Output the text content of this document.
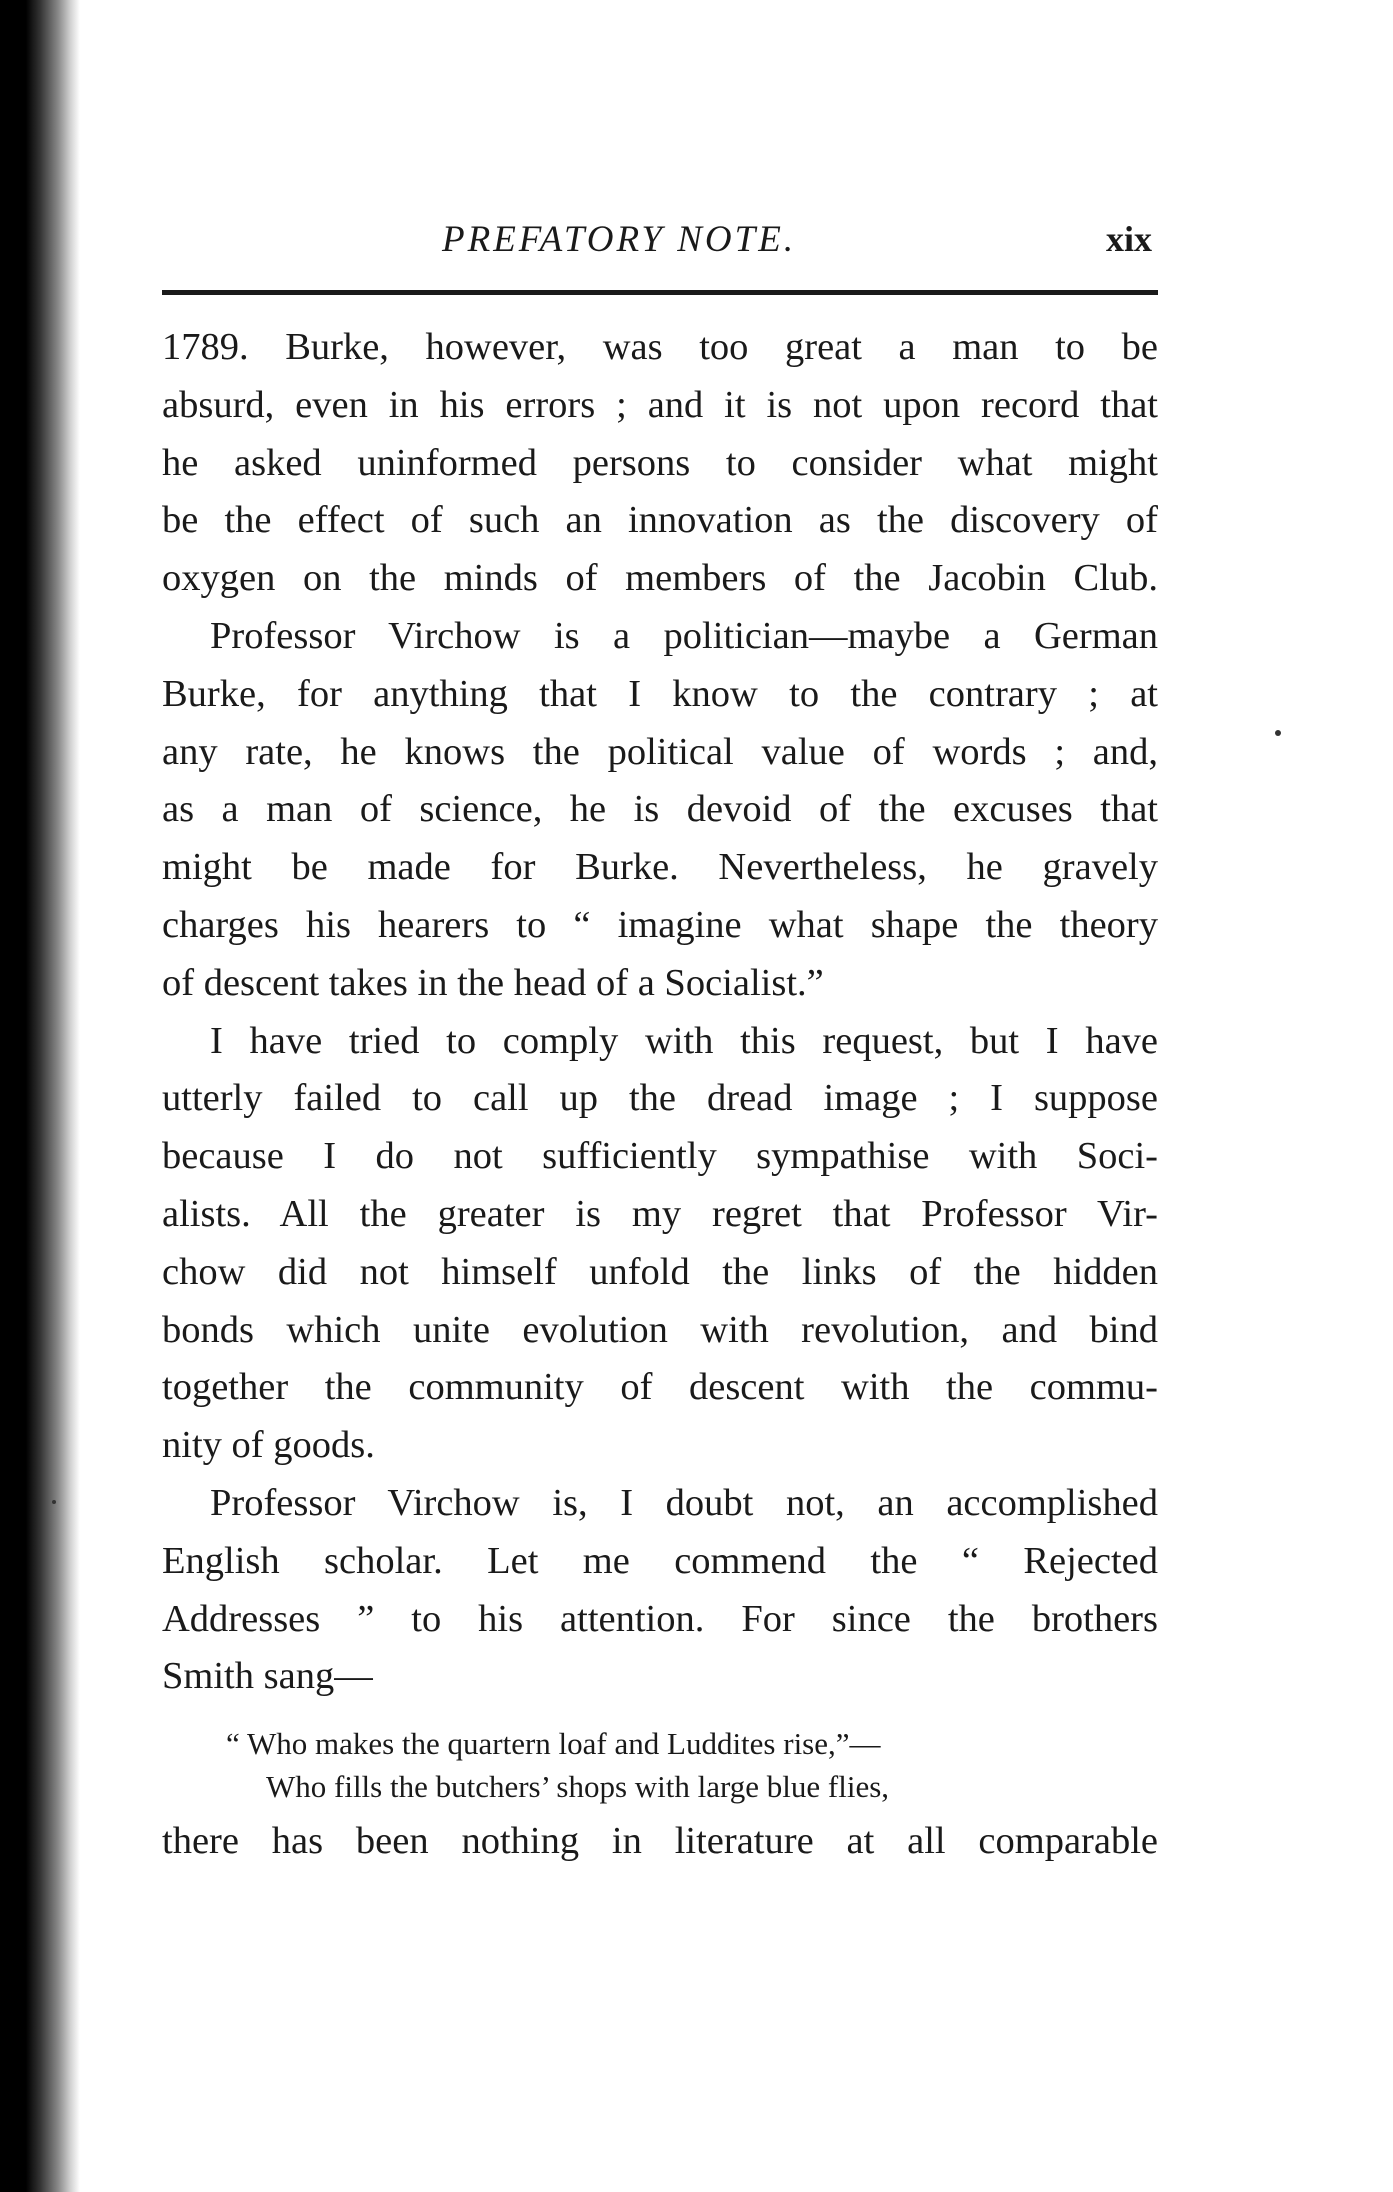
PREFATORY NOTE.	xix

1789. Burke, however, was too great a man to be
absurd, even in his errors ; and it is not upon record that
he asked uninformed persons to consider what might
be the effect of such an innovation as the discovery of
oxygen on the minds of members of the Jacobin Club.

Professor Virchow is a politician—maybe a German
Burke, for anything that I know to the contrary ; at
any rate, he knows the political value of words ; and,
as a man of science, he is devoid of the excuses that
might be made for Burke. Nevertheless, he gravely
charges his hearers to “ imagine what shape the theory
of descent takes in the head of a Socialist.”

I have tried to comply with this request, but I have
utterly failed to call up the dread image ; I suppose
because I do not sufficiently sympathise with Soci-
alists. All the greater is my regret that Professor Vir-
chow did not himself unfold the links of the hidden
bonds which unite evolution with revolution, and bind
together the community of descent with the commu-
nity of goods.

Professor Virchow is, I doubt not, an accomplished
English scholar. Let me commend the “ Rejected
Addresses ” to his attention. For since the brothers
Smith sang—

“ Who makes the quartern loaf and Luddites rise,”—
Who fills the butchers’ shops with large blue flies,
there has been nothing in literature at all comparable
